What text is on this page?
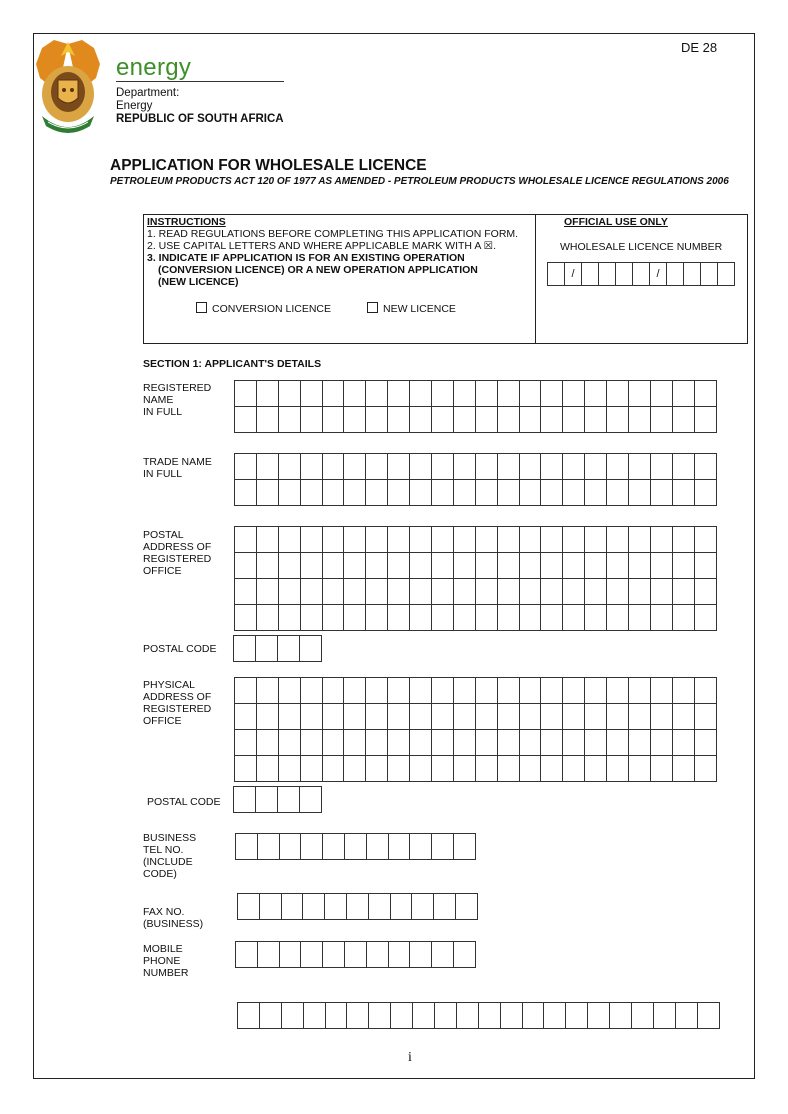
DE 28
energy
Department:
Energy
REPUBLIC OF SOUTH AFRICA
APPLICATION FOR WHOLESALE LICENCE
PETROLEUM PRODUCTS ACT 120 OF 1977 AS AMENDED - PETROLEUM PRODUCTS WHOLESALE LICENCE REGULATIONS 2006
INSTRUCTIONS
1. READ REGULATIONS BEFORE COMPLETING THIS APPLICATION FORM.
2. USE CAPITAL LETTERS AND WHERE APPLICABLE MARK WITH A ☒.
3. INDICATE IF APPLICATION IS FOR AN EXISTING OPERATION
(CONVERSION LICENCE) OR A NEW OPERATION APPLICATION
(NEW LICENCE)
CONVERSION LICENCE	NEW LICENCE
OFFICIAL USE ONLY
WHOLESALE LICENCE NUMBER
/	/
SECTION 1: APPLICANT'S DETAILS
REGISTERED
NAME
IN FULL
TRADE NAME
IN FULL
POSTAL
ADDRESS OF
REGISTERED
OFFICE
POSTAL CODE
PHYSICAL
ADDRESS OF
REGISTERED
OFFICE
POSTAL CODE
BUSINESS
TEL NO.
(INCLUDE
CODE)
FAX NO.
(BUSINESS)
MOBILE
PHONE
NUMBER
i
